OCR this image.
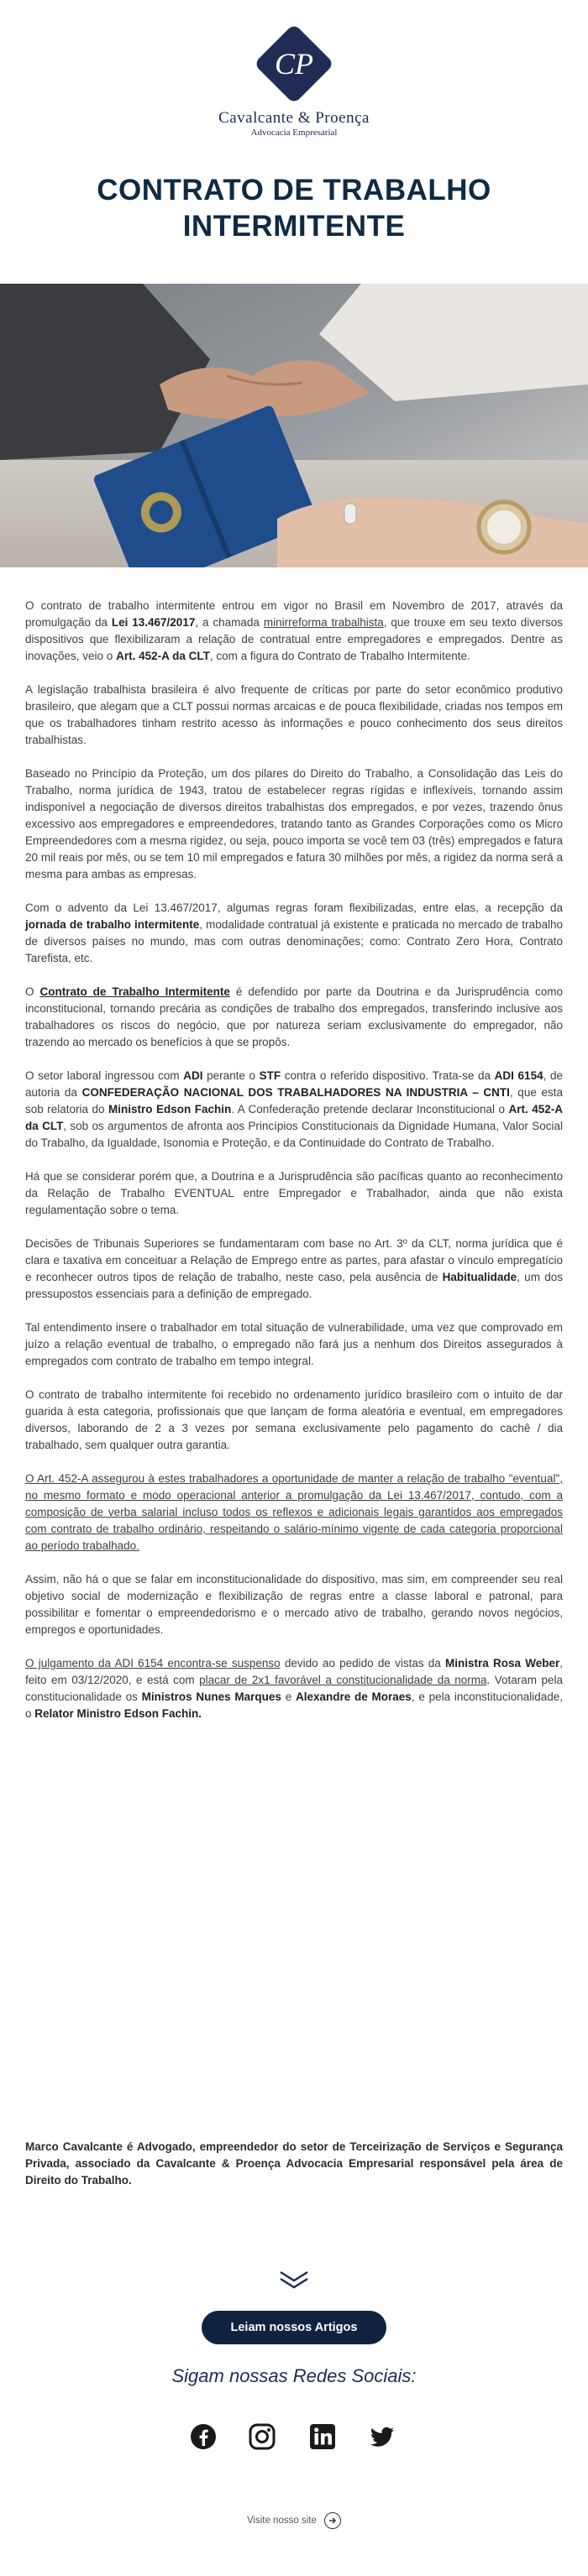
CP
Cavalcante & Proença
Advocacia Empresarial
CONTRATO DE TRABALHO INTERMITENTE

O contrato de trabalho intermitente entrou em vigor no Brasil em Novembro de 2017, através da promulgação da Lei 13.467/2017, a chamada minirreforma trabalhista, que trouxe em seu texto diversos dispositivos que flexibilizaram a relação de contratual entre empregadores e empregados. Dentre as inovações, veio o Art. 452-A da CLT, com a figura do Contrato de Trabalho Intermitente.

A legislação trabalhista brasileira é alvo frequente de críticas por parte do setor econômico produtivo brasileiro, que alegam que a CLT possui normas arcaicas e de pouca flexibilidade, criadas nos tempos em que os trabalhadores tinham restrito acesso às informações e pouco conhecimento dos seus direitos trabalhistas.

Baseado no Princípio da Proteção, um dos pilares do Direito do Trabalho, a Consolidação das Leis do Trabalho, norma jurídica de 1943, tratou de estabelecer regras rígidas e inflexíveis, tornando assim indisponível a negociação de diversos direitos trabalhistas dos empregados, e por vezes, trazendo ônus excessivo aos empregadores e empreendedores, tratando tanto as Grandes Corporações como os Micro Empreendedores com a mesma rigidez, ou seja, pouco importa se você tem 03 (três) empregados e fatura 20 mil reais por mês, ou se tem 10 mil empregados e fatura 30 milhões por mês, a rigidez da norma será a mesma para ambas as empresas.

Com o advento da Lei 13.467/2017, algumas regras foram flexibilizadas, entre elas, a recepção da jornada de trabalho intermitente, modalidade contratual já existente e praticada no mercado de trabalho de diversos países no mundo, mas com outras denominações; como: Contrato Zero Hora, Contrato Tarefista, etc.

O Contrato de Trabalho Intermitente é defendido por parte da Doutrina e da Jurisprudência como inconstitucional, tornando precária as condições de trabalho dos empregados, transferindo inclusive aos trabalhadores os riscos do negócio, que por natureza seriam exclusivamente do empregador, não trazendo ao mercado os benefícios à que se propôs.

O setor laboral ingressou com ADI perante o STF contra o referido dispositivo. Trata-se da ADI 6154, de autoria da CONFEDERAÇÃO NACIONAL DOS TRABALHADORES NA INDUSTRIA – CNTI, que esta sob relatoria do Ministro Edson Fachin. A Confederação pretende declarar Inconstitucional o Art. 452-A da CLT, sob os argumentos de afronta aos Princípios Constitucionais da Dignidade Humana, Valor Social do Trabalho, da Igualdade, Isonomia e Proteção, e da Continuidade do Contrato de Trabalho.

Há que se considerar porém que, a Doutrina e a Jurisprudência são pacíficas quanto ao reconhecimento da Relação de Trabalho EVENTUAL entre Empregador e Trabalhador, ainda que não exista regulamentação sobre o tema.

Decisões de Tribunais Superiores se fundamentaram com base no Art. 3º da CLT, norma jurídica que é clara e taxativa em conceituar a Relação de Emprego entre as partes, para afastar o vínculo empregatício e reconhecer outros tipos de relação de trabalho, neste caso, pela ausência de Habitualidade, um dos pressupostos essenciais para a definição de empregado.

Tal entendimento insere o trabalhador em total situação de vulnerabilidade, uma vez que comprovado em juízo a relação eventual de trabalho, o empregado não fará jus a nenhum dos Direitos assegurados à empregados com contrato de trabalho em tempo integral.

O contrato de trabalho intermitente foi recebido no ordenamento jurídico brasileiro com o intuito de dar guarida à esta categoria, profissionais que que lançam de forma aleatória e eventual, em empregadores diversos, laborando de 2 a 3 vezes por semana exclusivamente pelo pagamento do cachê / dia trabalhado, sem qualquer outra garantia.

O Art. 452-A assegurou à estes trabalhadores a oportunidade de manter a relação de trabalho "eventual", no mesmo formato e modo operacional anterior a promulgação da Lei 13.467/2017, contudo, com a composição de verba salarial incluso todos os reflexos e adicionais legais garantidos aos empregados com contrato de trabalho ordinário, respeitando o salário-mínimo vigente de cada categoria proporcional ao período trabalhado.

Assim, não há o que se falar em inconstitucionalidade do dispositivo, mas sim, em compreender seu real objetivo social de modernização e flexibilização de regras entre a classe laboral e patronal, para possibilitar e fomentar o empreendedorismo e o mercado ativo de trabalho, gerando novos negócios, empregos e oportunidades.

O julgamento da ADI 6154 encontra-se suspenso devido ao pedido de vistas da Ministra Rosa Weber, feito em 03/12/2020, e está com placar de 2x1 favorável a constitucionalidade da norma. Votaram pela constitucionalidade os Ministros Nunes Marques e Alexandre de Moraes, e pela inconstitucionalidade, o Relator Ministro Edson Fachin.

Marco Cavalcante é Advogado, empreendedor do setor de Terceirização de Serviços e Segurança Privada, associado da Cavalcante & Proença Advocacia Empresarial responsável pela área de Direito do Trabalho.
Leiam nossos Artigos
Sigam nossas Redes Sociais:
Visite nosso site
